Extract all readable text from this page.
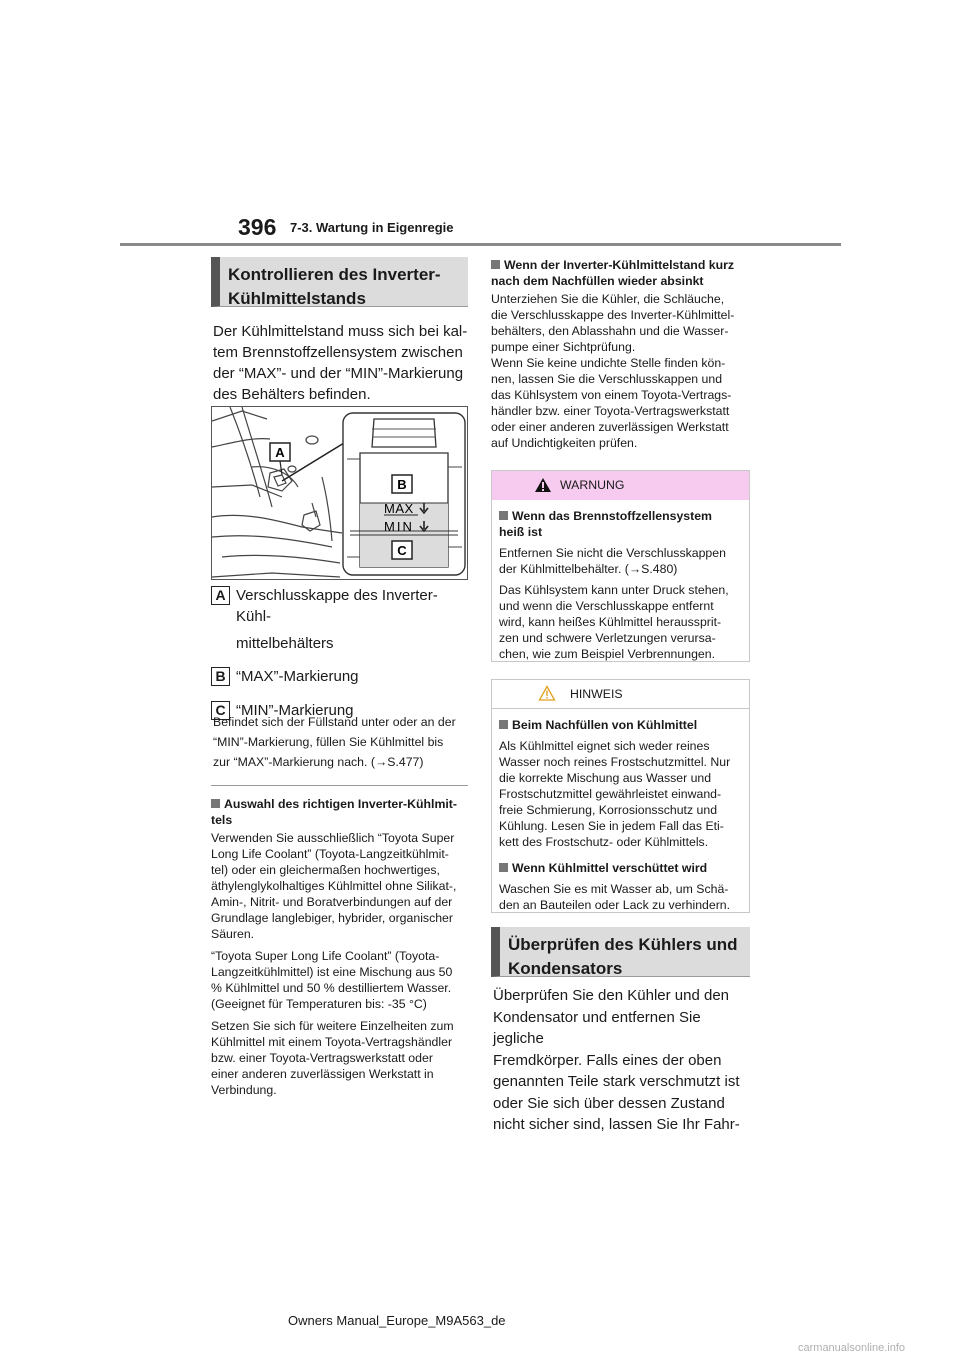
396 7-3. Wartung in Eigenregie
Kontrollieren des Inverter-
Kühlmittelstands
Der Kühlmittelstand muss sich bei kal-
tem Brennstoffzellensystem zwischen
der “MAX”- und der “MIN”-Markierung
des Behälters befinden.
A
B
MAX
MIN
C
A Verschlusskappe des Inverter-Kühl-
mittelbehälters
B “MAX”-Markierung
C “MIN”-Markierung
Befindet sich der Füllstand unter oder an der
“MIN”-Markierung, füllen Sie Kühlmittel bis
zur “MAX”-Markierung nach. (→S.477)
Auswahl des richtigen Inverter-Kühlmit-
tels
Verwenden Sie ausschließlich “Toyota Super
Long Life Coolant” (Toyota-Langzeitkühlmit-
tel) oder ein gleichermaßen hochwertiges,
äthylenglykolhaltiges Kühlmittel ohne Silikat-,
Amin-, Nitrit- und Boratverbindungen auf der
Grundlage langlebiger, hybrider, organischer
Säuren.
“Toyota Super Long Life Coolant” (Toyota-
Langzeitkühlmittel) ist eine Mischung aus 50
% Kühlmittel und 50 % destilliertem Wasser.
(Geeignet für Temperaturen bis: -35 °C)
Setzen Sie sich für weitere Einzelheiten zum
Kühlmittel mit einem Toyota-Vertragshändler
bzw. einer Toyota-Vertragswerkstatt oder
einer anderen zuverlässigen Werkstatt in
Verbindung.
Wenn der Inverter-Kühlmittelstand kurz
nach dem Nachfüllen wieder absinkt
Unterziehen Sie die Kühler, die Schläuche,
die Verschlusskappe des Inverter-Kühlmittel-
behälters, den Ablasshahn und die Wasser-
pumpe einer Sichtprüfung.
Wenn Sie keine undichte Stelle finden kön-
nen, lassen Sie die Verschlusskappen und
das Kühlsystem von einem Toyota-Vertrags-
händler bzw. einer Toyota-Vertragswerkstatt
oder einer anderen zuverlässigen Werkstatt
auf Undichtigkeiten prüfen.
WARNUNG
Wenn das Brennstoffzellensystem
heiß ist
Entfernen Sie nicht die Verschlusskappen
der Kühlmittelbehälter. (→S.480)
Das Kühlsystem kann unter Druck stehen,
und wenn die Verschlusskappe entfernt
wird, kann heißes Kühlmittel heraussprit-
zen und schwere Verletzungen verursa-
chen, wie zum Beispiel Verbrennungen.
HINWEIS
Beim Nachfüllen von Kühlmittel
Als Kühlmittel eignet sich weder reines
Wasser noch reines Frostschutzmittel. Nur
die korrekte Mischung aus Wasser und
Frostschutzmittel gewährleistet einwand-
freie Schmierung, Korrosionsschutz und
Kühlung. Lesen Sie in jedem Fall das Eti-
kett des Frostschutz- oder Kühlmittels.
Wenn Kühlmittel verschüttet wird
Waschen Sie es mit Wasser ab, um Schä-
den an Bauteilen oder Lack zu verhindern.
Überprüfen des Kühlers und
Kondensators
Überprüfen Sie den Kühler und den
Kondensator und entfernen Sie jegliche
Fremdkörper. Falls eines der oben
genannten Teile stark verschmutzt ist
oder Sie sich über dessen Zustand
nicht sicher sind, lassen Sie Ihr Fahr-
Owners Manual_Europe_M9A563_de
carmanualsonline.info
